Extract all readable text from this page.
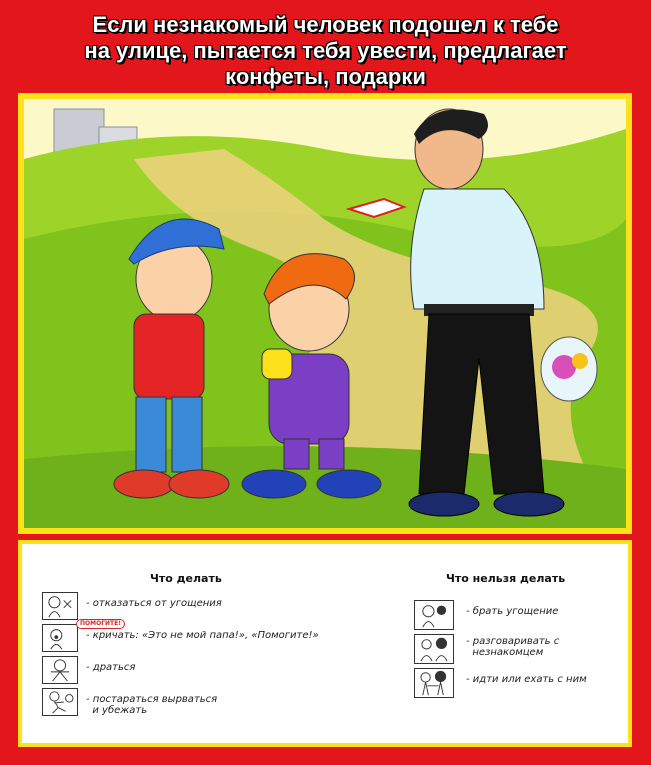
Если незнакомый человек подошел к тебе
на улице, пытается тебя увести, предлагает
конфеты, подарки
Что делать	Что нельзя делать
- отказаться от угощения
ПОМОГИТЕ!
- кричать: «Это не мой папа!», «Помогите!»
- драться
- постараться вырваться
и убежать
- брать угощение
- разговаривать с
незнакомцем
- идти или ехать с ним
